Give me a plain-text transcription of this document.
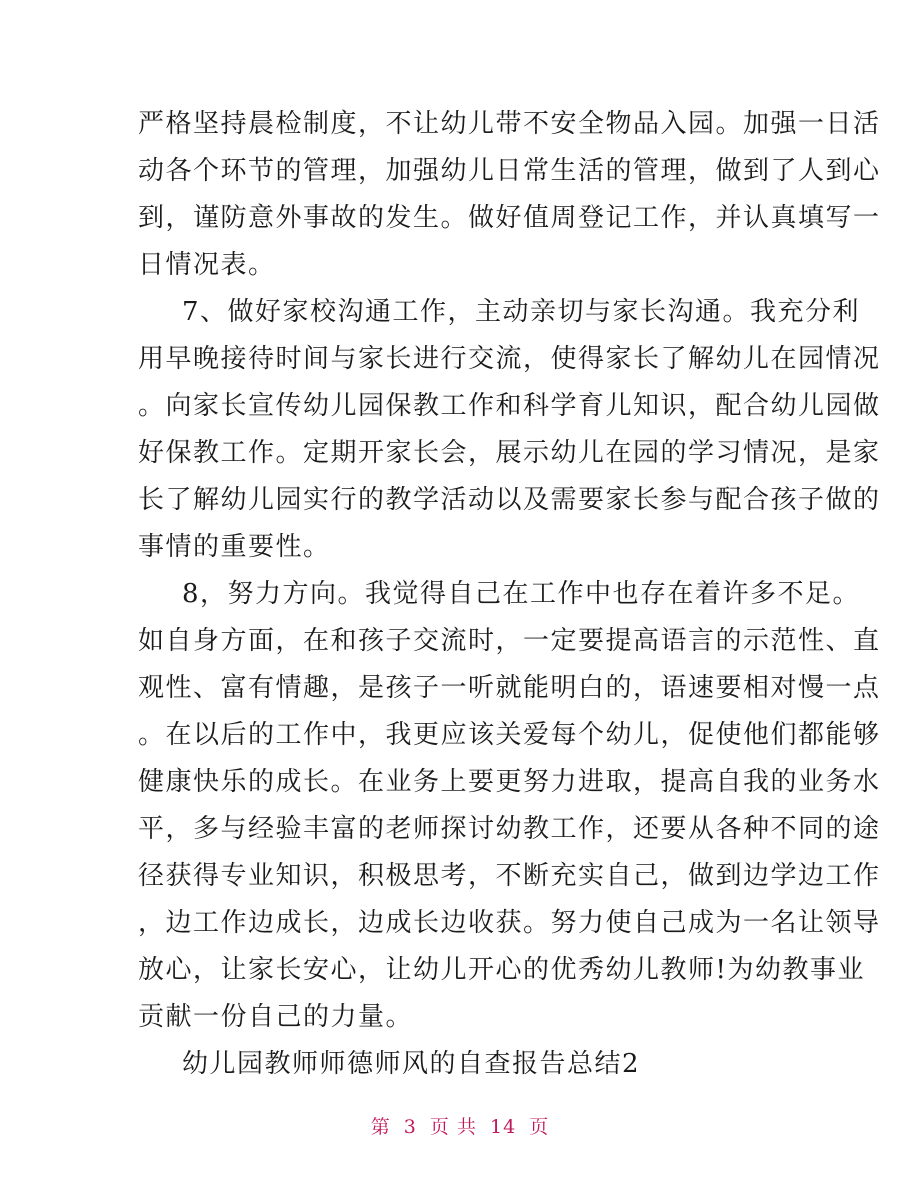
严格坚持晨检制度，不让幼儿带不安全物品入园。加强一日活
动各个环节的管理，加强幼儿日常生活的管理，做到了人到心
到，谨防意外事故的发生。做好值周登记工作，并认真填写一
日情况表。
7、做好家校沟通工作，主动亲切与家长沟通。我充分利
用早晚接待时间与家长进行交流，使得家长了解幼儿在园情况
。向家长宣传幼儿园保教工作和科学育儿知识，配合幼儿园做
好保教工作。定期开家长会，展示幼儿在园的学习情况，是家
长了解幼儿园实行的教学活动以及需要家长参与配合孩子做的
事情的重要性。
8，努力方向。我觉得自己在工作中也存在着许多不足。
如自身方面，在和孩子交流时，一定要提高语言的示范性、直
观性、富有情趣，是孩子一听就能明白的，语速要相对慢一点
。在以后的工作中，我更应该关爱每个幼儿，促使他们都能够
健康快乐的成长。在业务上要更努力进取，提高自我的业务水
平，多与经验丰富的老师探讨幼教工作，还要从各种不同的途
径获得专业知识，积极思考，不断充实自己，做到边学边工作
，边工作边成长，边成长边收获。努力使自己成为一名让领导
放心，让家长安心，让幼儿开心的优秀幼儿教师!为幼教事业
贡献一份自己的力量。
幼儿园教师师德师风的自查报告总结2
第 3 页 共 14 页
